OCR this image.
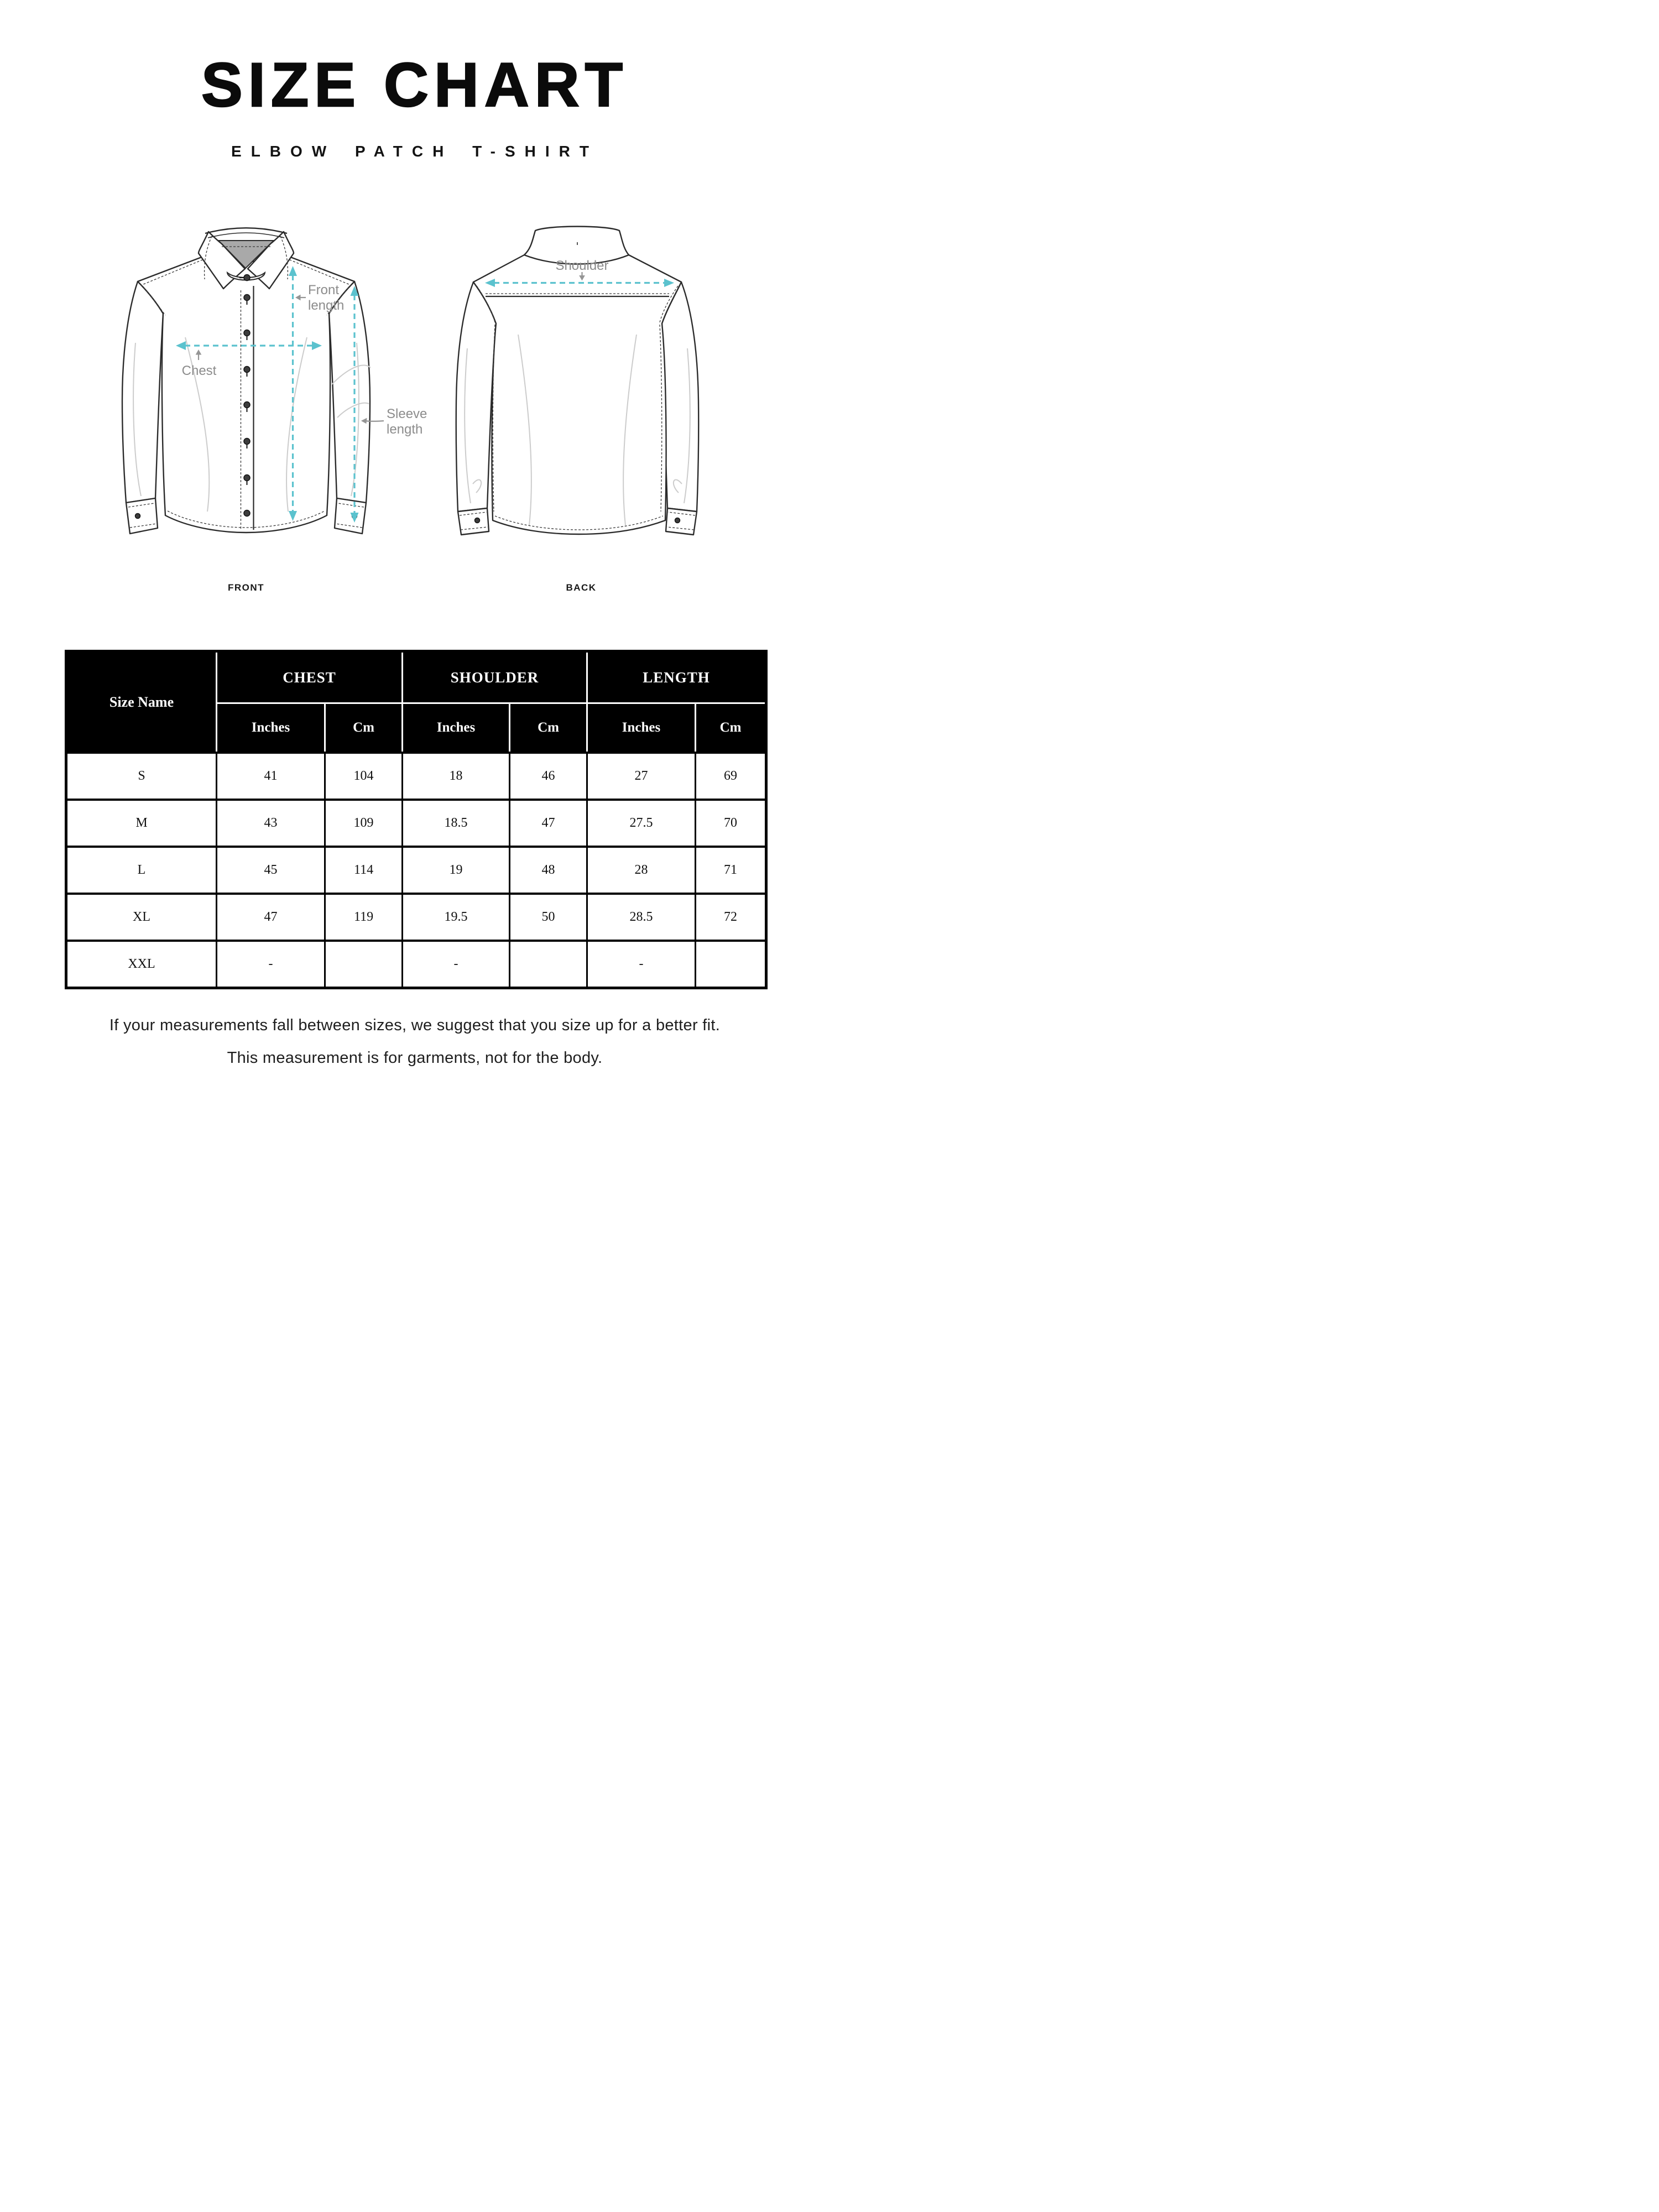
SIZE CHART
ELBOW PATCH T-SHIRT
Front length
Chest
Sleeve length
Shoulder
FRONT	BACK
Size Name	CHEST		SHOULDER		LENGTH	
	Inches	Cm	Inches	Cm	Inches	Cm
S	41	104	18	46	27	69
M	43	109	18.5	47	27.5	70
L	45	114	19	48	28	71
XL	47	119	19.5	50	28.5	72
XXL	-		-		-	
If your measurements fall between sizes, we suggest that you size up for a better fit.
This measurement is for garments, not for the body.
